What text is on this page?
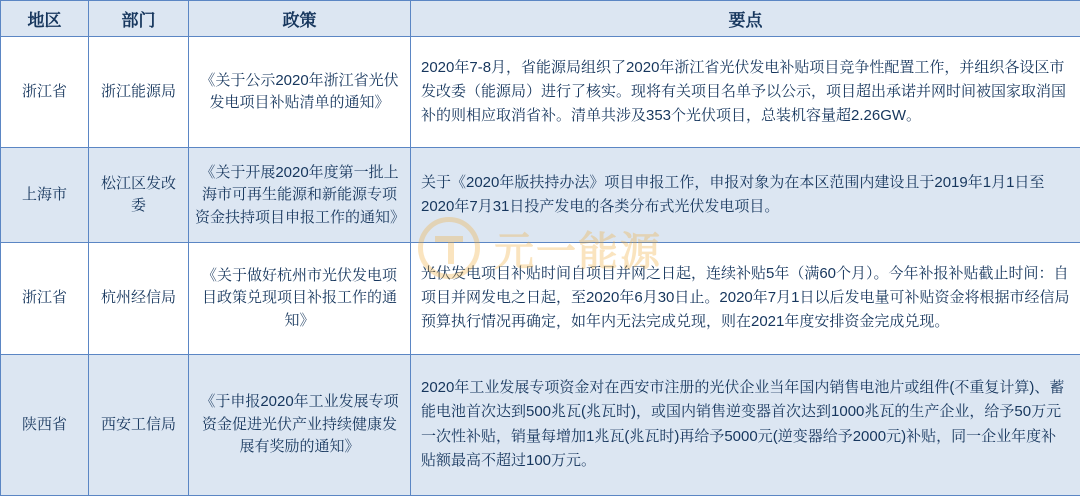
元一能源
地区	部门	政策	要点
浙江省	浙江能源局	《关于公示2020年浙江省光伏发电项目补贴清单的通知》	2020年7-8月，省能源局组织了2020年浙江省光伏发电补贴项目竞争性配置工作，并组织各设区市发改委（能源局）进行了核实。现将有关项目名单予以公示，项目超出承诺并网时间被国家取消国补的则相应取消省补。清单共涉及353个光伏项目，总装机容量超2.26GW。
上海市	松江区发改委	《关于开展2020年度第一批上海市可再生能源和新能源专项资金扶持项目申报工作的通知》	关于《2020年版扶持办法》项目申报工作，申报对象为在本区范围内建设且于2019年1月1日至2020年7月31日投产发电的各类分布式光伏发电项目。
浙江省	杭州经信局	《关于做好杭州市光伏发电项目政策兑现项目补报工作的通知》	光伏发电项目补贴时间自项目并网之日起，连续补贴5年（满60个月）。今年补报补贴截止时间：自项目并网发电之日起，至2020年6月30日止。2020年7月1日以后发电量可补贴资金将根据市经信局预算执行情况再确定，如年内无法完成兑现，则在2021年度安排资金完成兑现。
陕西省	西安工信局	《于申报2020年工业发展专项资金促进光伏产业持续健康发展有奖励的通知》	2020年工业发展专项资金对在西安市注册的光伏企业当年国内销售电池片或组件(不重复计算)、蓄能电池首次达到500兆瓦(兆瓦时)，或国内销售逆变器首次达到1000兆瓦的生产企业，给予50万元一次性补贴，销量每增加1兆瓦(兆瓦时)再给予5000元(逆变器给予2000元)补贴，同一企业年度补贴额最高不超过100万元。
